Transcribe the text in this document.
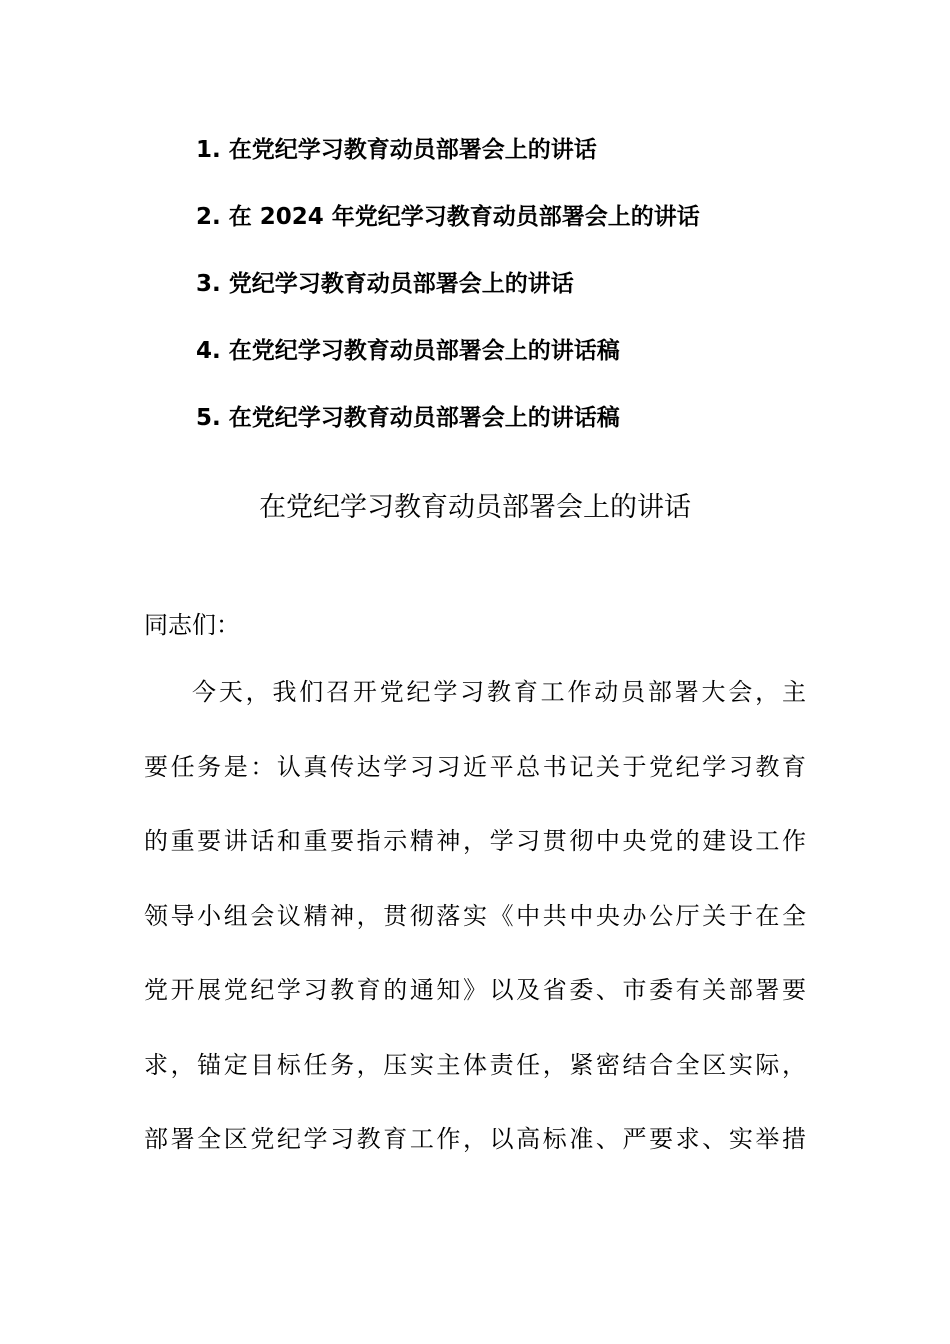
1. 在党纪学习教育动员部署会上的讲话
2. 在 2024 年党纪学习教育动员部署会上的讲话
3. 党纪学习教育动员部署会上的讲话
4. 在党纪学习教育动员部署会上的讲话稿
5. 在党纪学习教育动员部署会上的讲话稿
在党纪学习教育动员部署会上的讲话
同志们：
今天，我们召开党纪学习教育工作动员部署大会，主
要任务是：认真传达学习习近平总书记关于党纪学习教育
的重要讲话和重要指示精神，学习贯彻中央党的建设工作
领导小组会议精神，贯彻落实《中共中央办公厅关于在全
党开展党纪学习教育的通知》以及省委、市委有关部署要
求，锚定目标任务，压实主体责任，紧密结合全区实际，
部署全区党纪学习教育工作，以高标准、严要求、实举措
